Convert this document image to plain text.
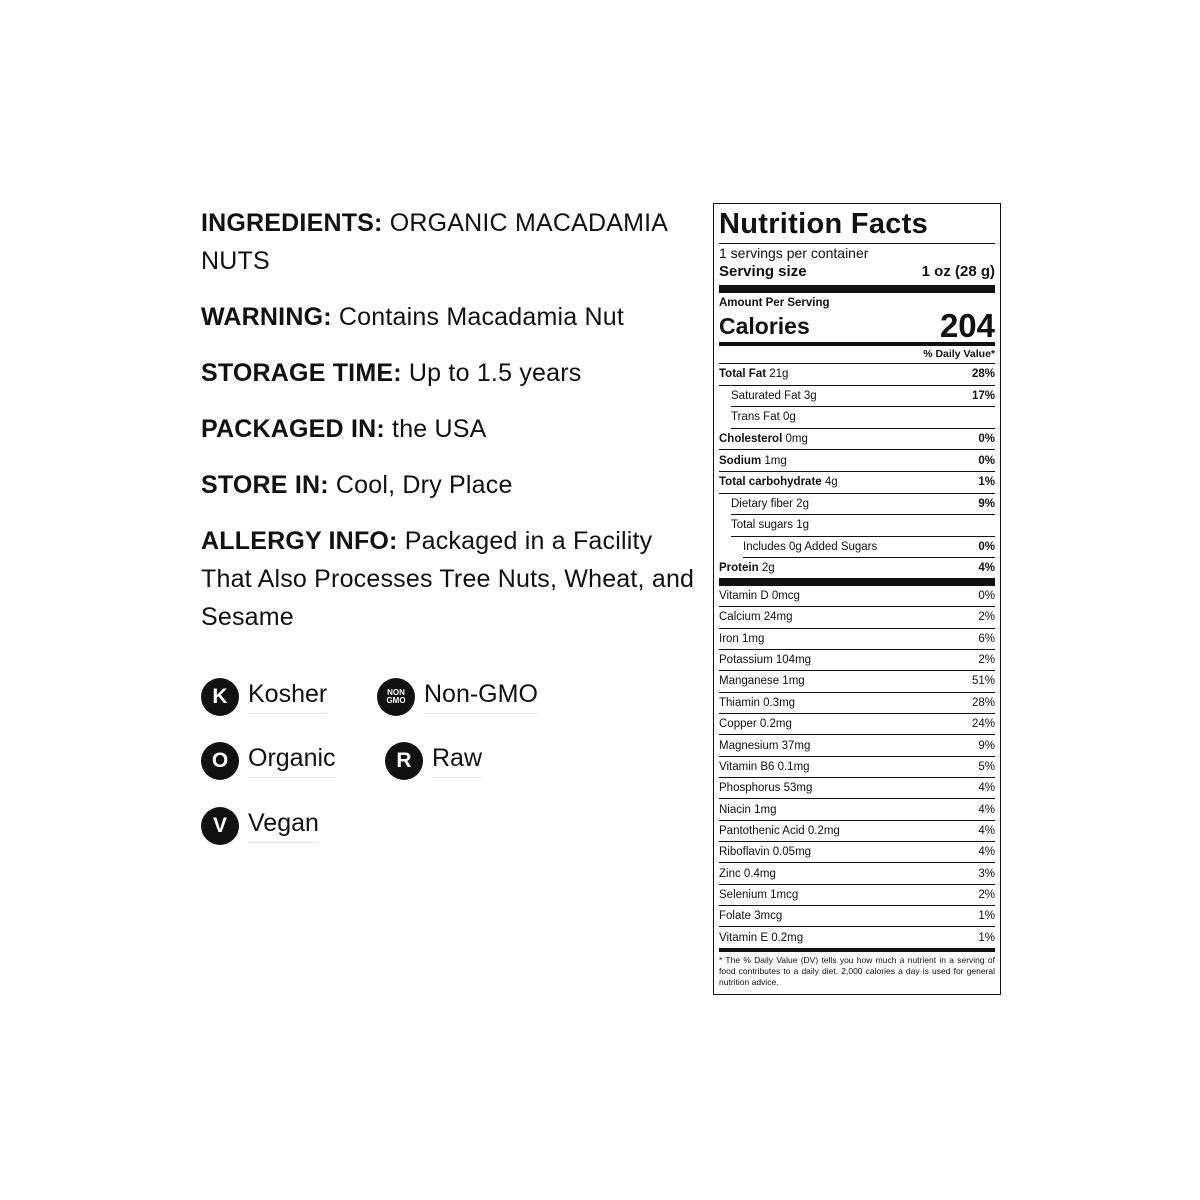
INGREDIENTS: ORGANIC MACADAMIA NUTS

WARNING: Contains Macadamia Nut

STORAGE TIME: Up to 1.5 years

PACKAGED IN: the USA

STORE IN: Cool, Dry Place

ALLERGY INFO: Packaged in a Facility That Also Processes Tree Nuts, Wheat, and Sesame

K Kosher	NON
GMO Non-GMO
O Organic	R Raw
V Vegan
Nutrition Facts
1 servings per container
Serving size	1 oz (28 g)
Amount Per Serving
Calories	204
% Daily Value*
Total Fat 21g	28%
Saturated Fat 3g	17%
Trans Fat 0g
Cholesterol 0mg	0%
Sodium 1mg	0%
Total carbohydrate 4g	1%
Dietary fiber 2g	9%
Total sugars 1g
Includes 0g Added Sugars	0%
Protein 2g	4%
Vitamin D 0mcg	0%
Calcium 24mg	2%
Iron 1mg	6%
Potassium 104mg	2%
Manganese 1mg	51%
Thiamin 0.3mg	28%
Copper 0.2mg	24%
Magnesium 37mg	9%
Vitamin B6 0.1mg	5%
Phosphorus 53mg	4%
Niacin 1mg	4%
Pantothenic Acid 0.2mg	4%
Riboflavin 0.05mg	4%
Zinc 0.4mg	3%
Selenium 1mcg	2%
Folate 3mcg	1%
Vitamin E 0.2mg	1%
* The % Daily Value (DV) tells you how much a nutrient in a serving of food contributes to a daily diet. 2,000 calories a day is used for general nutrition advice.
